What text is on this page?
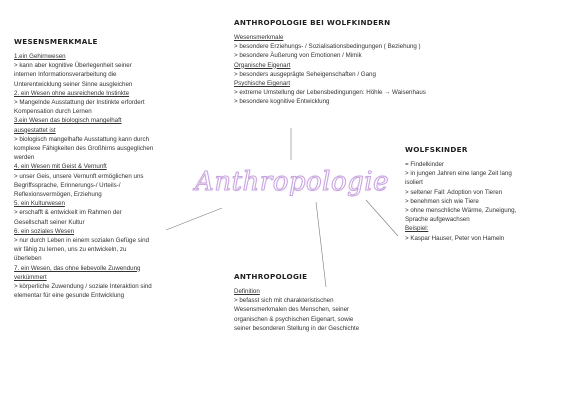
Anthropologie
WESENSMERKMALE
1.ein Gehirnwesen
> kann aber kognitive Überlegenheit seiner
internen Informationsverarbeitung die
Unterentwicklung seiner Sinne ausgleichen
2. ein Wesen ohne ausreichende Instinkte
> Mangelnde Ausstattung der Instinkte erfordert
Kompensation durch Lernen
3.ein Wesen das biologisch mangelhaft
ausgestattet ist
> biologisch mangelhafte Ausstattung kann durch
komplexe Fähigkeiten des Großhirns ausgeglichen
werden
4. ein Wesen mit Geist & Vernunft
> unser Geis, unsere Vernunft ermöglichen uns
Begriffssprache, Erinnerungs-/ Urteils-/
Reflexionsvermögen, Erziehung
5. ein Kulturwesen
> erschafft & entwickelt im Rahmen der
Gesellschaft seiner Kultur
6. ein soziales Wesen
> nur durch Leben in einem sozialen Gefüge sind
wir fähig zu lernen, uns zu entwickeln, zu
überleben
7. ein Wesen, das ohne liebevolle Zuwendung
verkümmert
> körperliche Zuwendung / soziale Interaktion sind
elementar für eine gesunde Entwicklung
ANTHROPOLOGIE BEI WOLFKINDERN
Wesensmerkmale
> besondere Erziehungs- / Sozialisationsbedingungen ( Beziehung )
> besondere Äußerung von Emotionen / Mimik
Organische Eigenart
> besonders ausgeprägte Seheigenschaften / Gang
Psychische Eigenart
> extreme Umstellung der Lebensbedingungen: Höhle → Waisenhaus
> besondere kognitive Entwicklung
WOLFSKINDER
= Findelkinder
> in jungen Jahren eine lange Zeit lang
isoliert
> seltener Fall: Adoption von Tieren
> benehmen sich wie Tiere
> ohne menschliche Wärme, Zuneigung,
Sprache aufgewachsen
Beispiel:
> Kaspar Hauser, Peter von Hameln
ANTHROPOLOGIE
Definition
> befasst sich mit charakteristischen
Wesensmerkmalen des Menschen, seiner
organischen & psychischen Eigenart, sowie
seiner besonderen Stellung in der Geschichte
